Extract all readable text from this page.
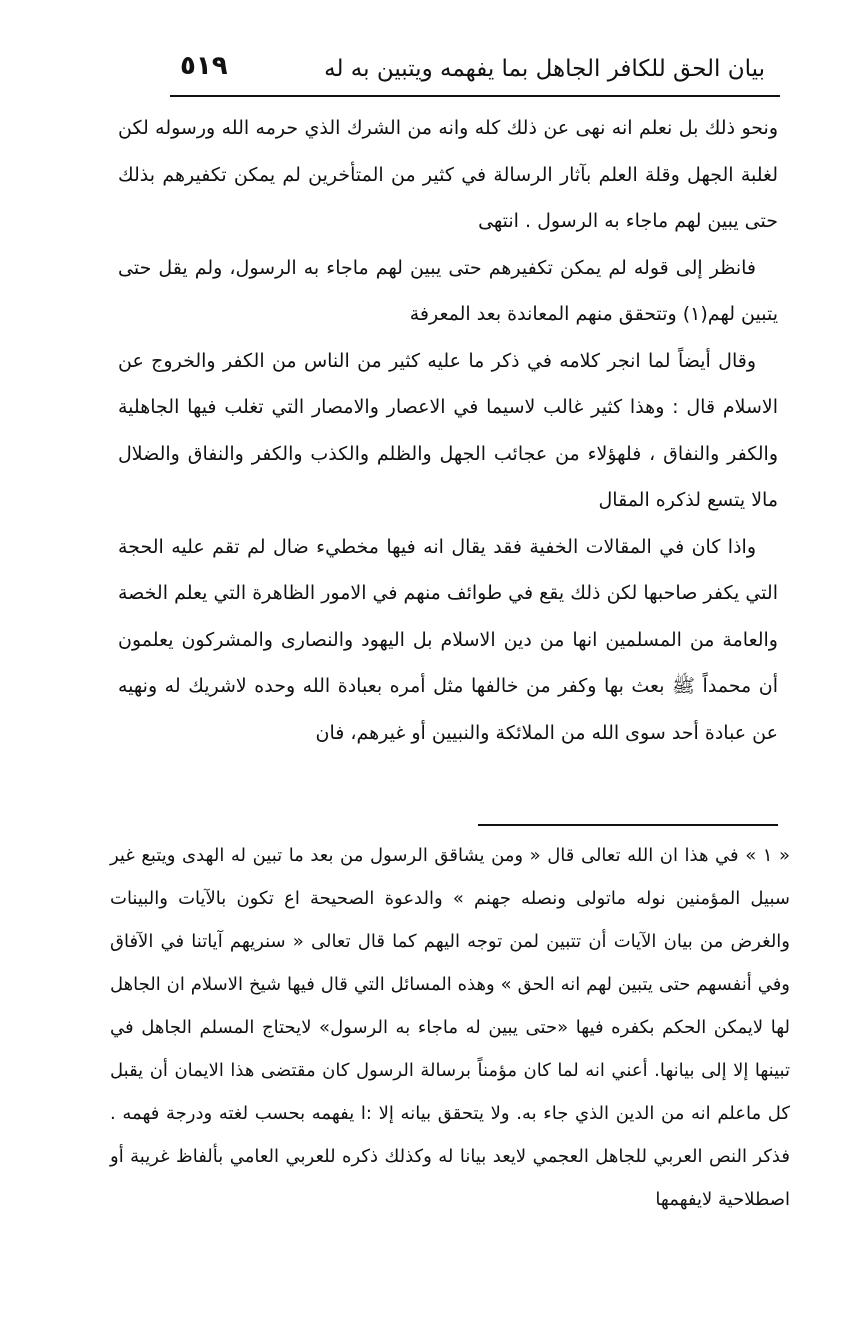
بيان الحق للكافر الجاهل بما يفهمه ويتبين به له
٥١٩

ونحو ذلك بل نعلم انه نهى عن ذلك كله وانه من الشرك الذي حرمه الله ورسوله لكن لغلبة الجهل وقلة العلم بآثار الرسالة في كثير من المتأخرين لم يمكن تكفيرهم بذلك حتى يبين لهم ماجاء به الرسول . انتهى

فانظر إلى قوله لم يمكن تكفيرهم حتى يبين لهم ماجاء به الرسول، ولم يقل حتى يتبين لهم(١) وتتحقق منهم المعاندة بعد المعرفة

وقال أيضاً لما انجر كلامه في ذكر ما عليه كثير من الناس من الكفر والخروج عن الاسلام قال : وهذا كثير غالب لاسيما في الاعصار والامصار التي تغلب فيها الجاهلية والكفر والنفاق ، فلهؤلاء من عجائب الجهل والظلم والكذب والكفر والنفاق والضلال مالا يتسع لذكره المقال

واذا كان في المقالات الخفية فقد يقال انه فيها مخطيء ضال لم تقم عليه الحجة التي يكفر صاحبها لكن ذلك يقع في طوائف منهم في الامور الظاهرة التي يعلم الخصة والعامة من المسلمين انها من دين الاسلام بل اليهود والنصارى والمشركون يعلمون أن محمداً ﷺ بعث بها وكفر من خالفها مثل أمره بعبادة الله وحده لاشريك له ونهيه عن عبادة أحد سوى الله من الملائكة والنبيين أو غيرهم، فان

« ١ » في هذا ان الله تعالى قال « ومن يشاقق الرسول من بعد ما تبين له الهدى ويتبع غير سبيل المؤمنين نوله ماتولى ونصله جهنم » والدعوة الصحيحة اع تكون بالآيات والبينات والغرض من بيان الآيات أن تتبين لمن توجه اليهم كما قال تعالى « سنريهم آياتنا في الآفاق وفي أنفسهم حتى يتبين لهم انه الحق » وهذه المسائل التي قال فيها شيخ الاسلام ان الجاهل لها لايمكن الحكم بكفره فيها «حتى يبين له ماجاء به الرسول» لايحتاج المسلم الجاهل في تبينها إلا إلى بيانها. أعني انه لما كان مؤمناً برسالة الرسول كان مقتضى هذا الايمان أن يقبل كل ماعلم انه من الدين الذي جاء به. ولا يتحقق بيانه إلا :ا يفهمه بحسب لغته ودرجة فهمه . فذكر النص العربي للجاهل العجمي لايعد بيانا له وكذلك ذكره للعربي العامي بألفاظ غريبة أو اصطلاحية لايفهمها
